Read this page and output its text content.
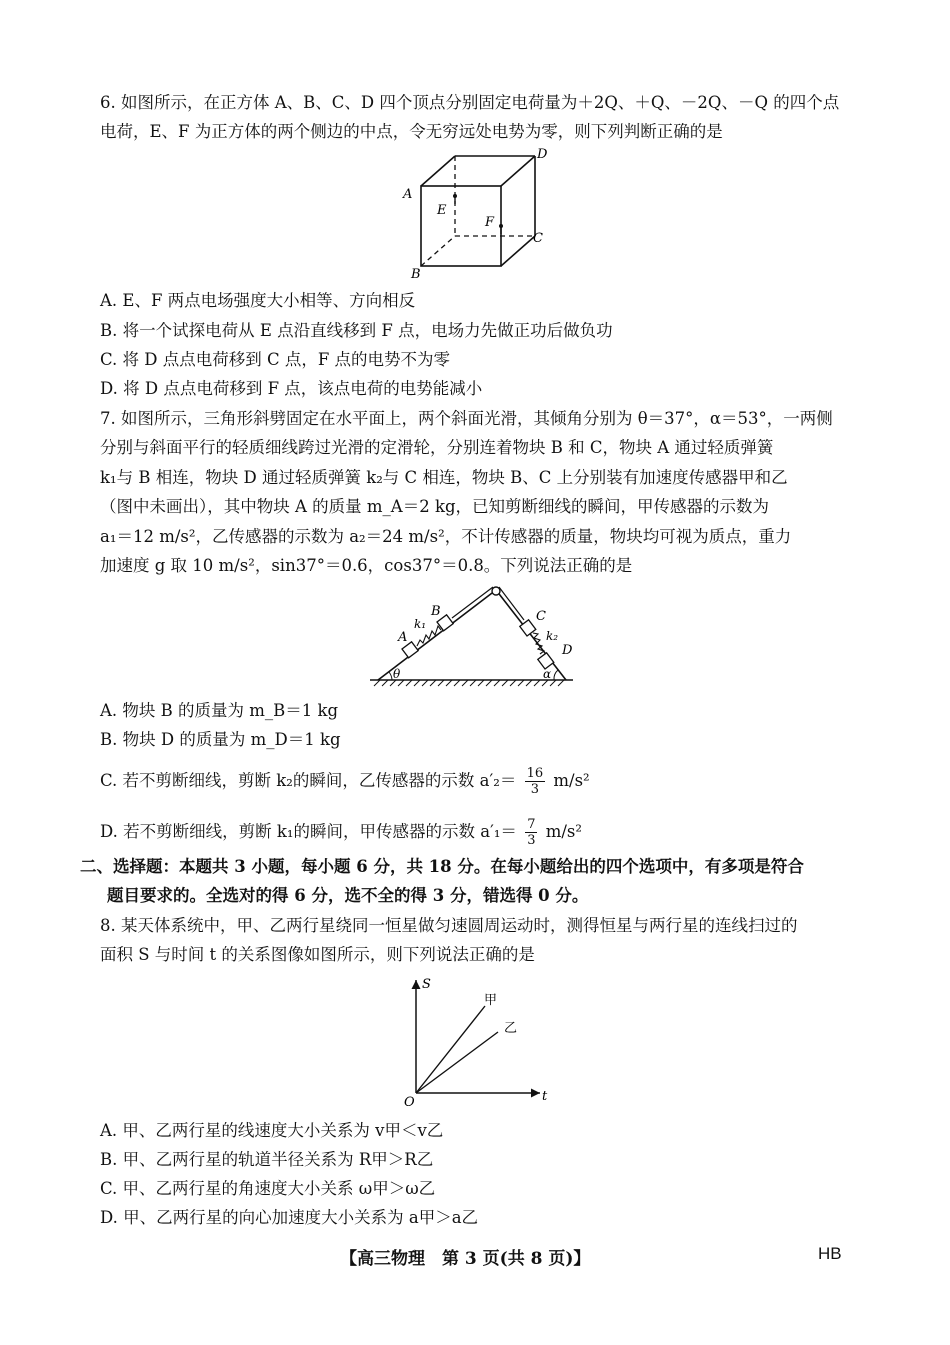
6. 如图所示，在正方体 A、B、C、D 四个顶点分别固定电荷量为＋2Q、＋Q、－2Q、－Q 的四个点
电荷，E、F 为正方体的两个侧边的中点，令无穷远处电势为零，则下列判断正确的是
D
A
E
F
C
B
A. E、F 两点电场强度大小相等、方向相反
B. 将一个试探电荷从 E 点沿直线移到 F 点，电场力先做正功后做负功
C. 将 D 点点电荷移到 C 点，F 点的电势不为零
D. 将 D 点点电荷移到 F 点，该点电荷的电势能减小
7. 如图所示，三角形斜劈固定在水平面上，两个斜面光滑，其倾角分别为 θ＝37°，α＝53°，一两侧
分别与斜面平行的轻质细线跨过光滑的定滑轮，分别连着物块 B 和 C，物块 A 通过轻质弹簧
k₁与 B 相连，物块 D 通过轻质弹簧 k₂与 C 相连，物块 B、C 上分别装有加速度传感器甲和乙
（图中未画出），其中物块 A 的质量 m_A＝2 kg，已知剪断细线的瞬间，甲传感器的示数为
a₁＝12 m/s²，乙传感器的示数为 a₂＝24 m/s²，不计传感器的质量，物块均可视为质点，重力
加速度 g 取 10 m/s²，sin37°＝0.6，cos37°＝0.8。下列说法正确的是
B
k₁
A
C
k₂
D
θ	α
A. 物块 B 的质量为 m_B＝1 kg
B. 物块 D 的质量为 m_D＝1 kg
C. 若不剪断细线，剪断 k₂的瞬间，乙传感器的示数 $a'_2= \frac{16}{3} m/s^2$
D. 若不剪断细线，剪断 k₁的瞬间，甲传感器的示数 $a'_1= \frac{7}{3} m/s^2$
二、选择题：本题共 3 小题，每小题 6 分，共 18 分。在每小题给出的四个选项中，有多项是符合
题目要求的。全选对的得 6 分，选不全的得 3 分，错选得 0 分。
8. 某天体系统中，甲、乙两行星绕同一恒星做匀速圆周运动时，测得恒星与两行星的连线扫过的
面积 S 与时间 t 的关系图像如图所示，则下列说法正确的是
S
甲
乙
O	t
A. 甲、乙两行星的线速度大小关系为 v甲＜v乙
B. 甲、乙两行星的轨道半径关系为 R甲＞R乙
C. 甲、乙两行星的角速度大小关系 ω甲＞ω乙
D. 甲、乙两行星的向心加速度大小关系为 a甲＞a乙
【高三物理　第 3 页(共 8 页)】	HB
